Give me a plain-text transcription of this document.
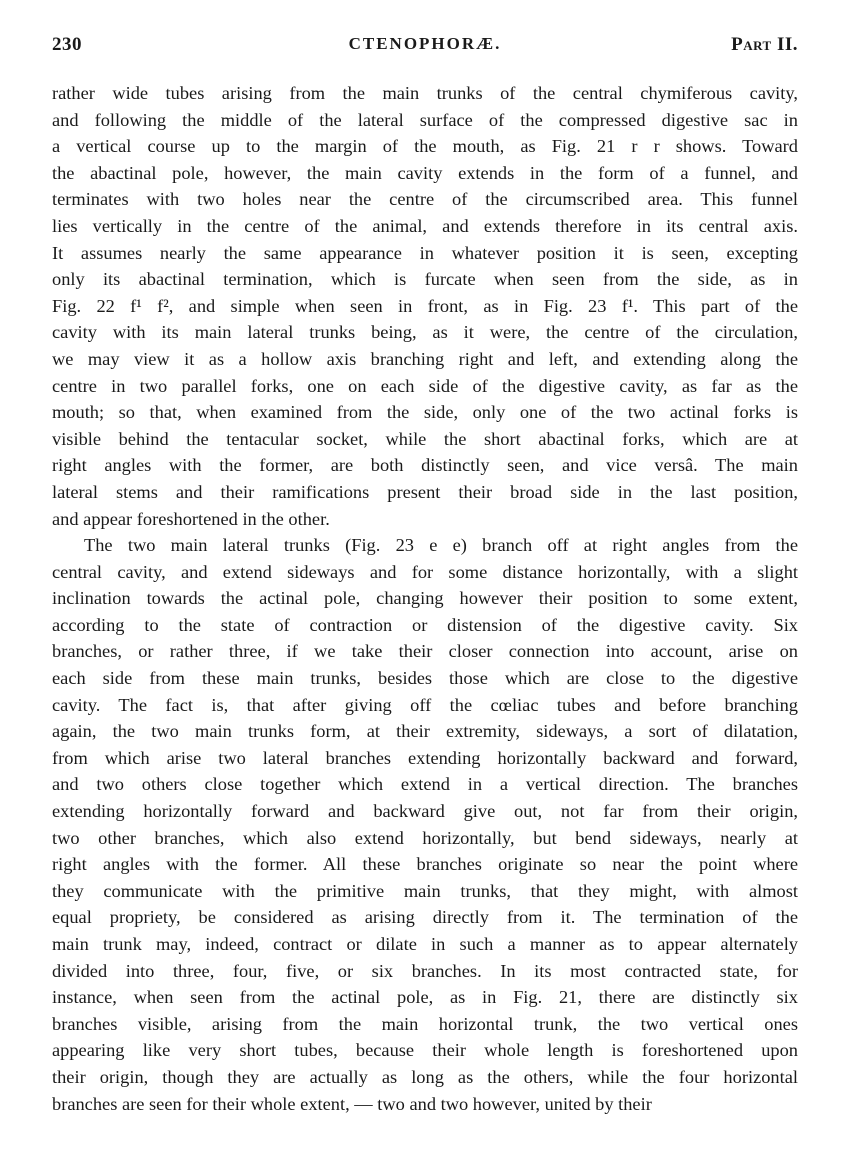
230	CTENOPHORÆ.	Part II.

rather wide tubes arising from the main trunks of the central chymiferous cavity,
and following the middle of the lateral surface of the compressed digestive sac in
a vertical course up to the margin of the mouth, as Fig. 21 r r shows. Toward
the abactinal pole, however, the main cavity extends in the form of a funnel, and
terminates with two holes near the centre of the circumscribed area. This funnel
lies vertically in the centre of the animal, and extends therefore in its central axis.
It assumes nearly the same appearance in whatever position it is seen, excepting
only its abactinal termination, which is furcate when seen from the side, as in
Fig. 22 f¹ f², and simple when seen in front, as in Fig. 23 f¹. This part of the
cavity with its main lateral trunks being, as it were, the centre of the circulation,
we may view it as a hollow axis branching right and left, and extending along the
centre in two parallel forks, one on each side of the digestive cavity, as far as the
mouth; so that, when examined from the side, only one of the two actinal forks is
visible behind the tentacular socket, while the short abactinal forks, which are at
right angles with the former, are both distinctly seen, and vice versâ. The main
lateral stems and their ramifications present their broad side in the last position,
and appear foreshortened in the other.

The two main lateral trunks (Fig. 23 e e) branch off at right angles from the
central cavity, and extend sideways and for some distance horizontally, with a slight
inclination towards the actinal pole, changing however their position to some extent,
according to the state of contraction or distension of the digestive cavity. Six
branches, or rather three, if we take their closer connection into account, arise on
each side from these main trunks, besides those which are close to the digestive
cavity. The fact is, that after giving off the cœliac tubes and before branching
again, the two main trunks form, at their extremity, sideways, a sort of dilatation,
from which arise two lateral branches extending horizontally backward and forward,
and two others close together which extend in a vertical direction. The branches
extending horizontally forward and backward give out, not far from their origin,
two other branches, which also extend horizontally, but bend sideways, nearly at
right angles with the former. All these branches originate so near the point where
they communicate with the primitive main trunks, that they might, with almost
equal propriety, be considered as arising directly from it. The termination of the
main trunk may, indeed, contract or dilate in such a manner as to appear alternately
divided into three, four, five, or six branches. In its most contracted state, for
instance, when seen from the actinal pole, as in Fig. 21, there are distinctly six
branches visible, arising from the main horizontal trunk, the two vertical ones
appearing like very short tubes, because their whole length is foreshortened upon
their origin, though they are actually as long as the others, while the four horizontal
branches are seen for their whole extent, — two and two however, united by their
